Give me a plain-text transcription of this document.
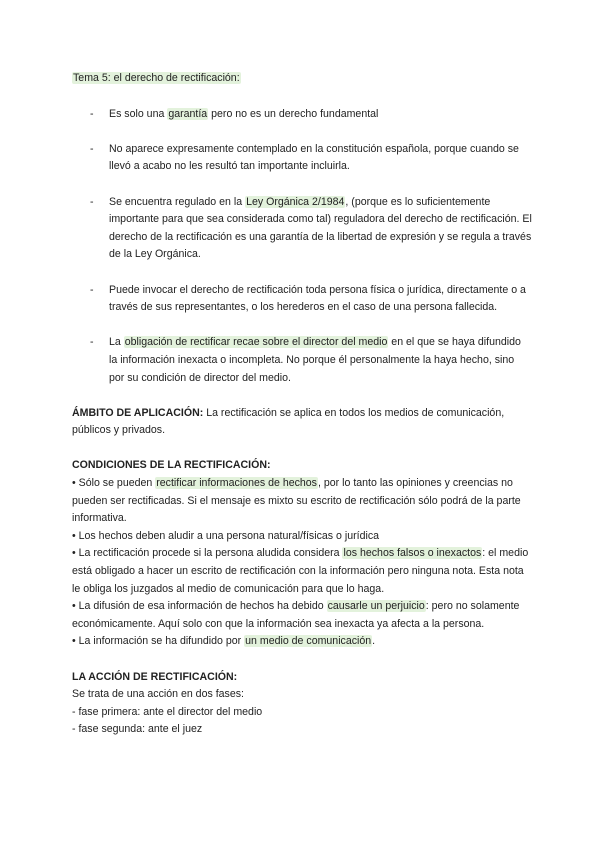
Tema 5: el derecho de rectificación:

- Es solo una garantía pero no es un derecho fundamental
- No aparece expresamente contemplado en la constitución española, porque cuando se llevó a acabo no les resultó tan importante incluirla.
- Se encuentra regulado en la Ley Orgánica 2/1984, (porque es lo suficientemente importante para que sea considerada como tal) reguladora del derecho de rectificación. El derecho de la rectificación es una garantía de la libertad de expresión y se regula a través de la Ley Orgánica.
- Puede invocar el derecho de rectificación toda persona física o jurídica, directamente o a través de sus representantes, o los herederos en el caso de una persona fallecida.
- La obligación de rectificar recae sobre el director del medio en el que se haya difundido la información inexacta o incompleta. No porque él personalmente la haya hecho, sino por su condición de director del medio.

ÁMBITO DE APLICACIÓN: La rectificación se aplica en todos los medios de comunicación, públicos y privados.

CONDICIONES DE LA RECTIFICACIÓN:

• Sólo se pueden rectificar informaciones de hechos, por lo tanto las opiniones y creencias no pueden ser rectificadas. Si el mensaje es mixto su escrito de rectificación sólo podrá de la parte informativa.

• Los hechos deben aludir a una persona natural/físicas o jurídica

• La rectificación procede si la persona aludida considera los hechos falsos o inexactos: el medio está obligado a hacer un escrito de rectificación con la información pero ninguna nota. Esta nota le obliga los juzgados al medio de comunicación para que lo haga.

• La difusión de esa información de hechos ha debido causarle un perjuicio: pero no solamente económicamente. Aquí solo con que la información sea inexacta ya afecta a la persona.

• La información se ha difundido por un medio de comunicación.

LA ACCIÓN DE RECTIFICACIÓN:

Se trata de una acción en dos fases:

- fase primera: ante el director del medio

- fase segunda: ante el juez
